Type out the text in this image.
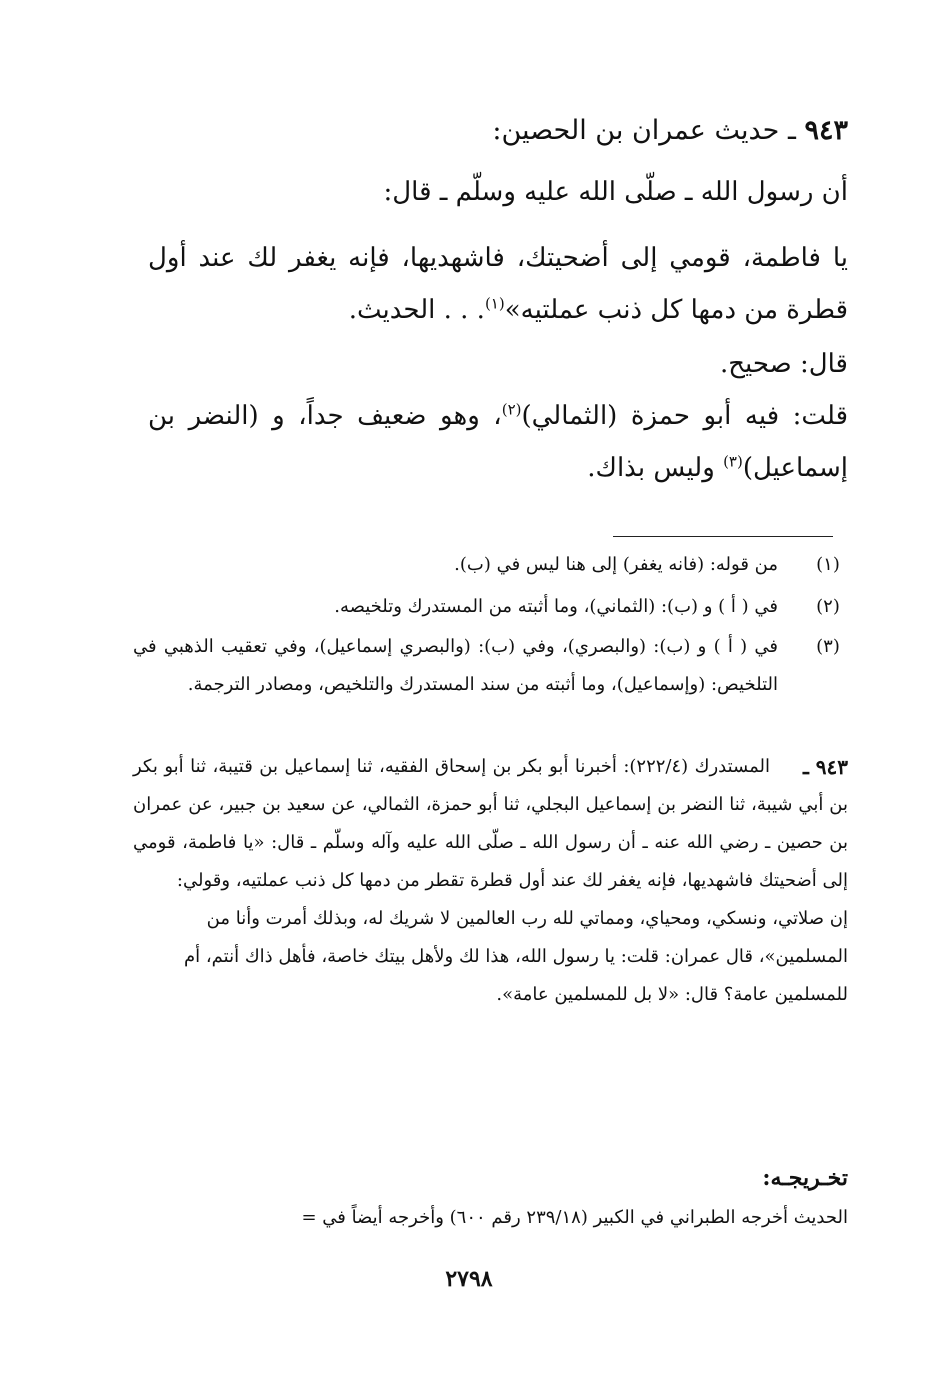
٩٤٣ ـ حديث عمران بن الحصين:
أن رسول الله ـ صلّى الله عليه وسلّم ـ قال:
يا فاطمة، قومي إلى أضحيتك، فاشهديها، فإنه يغفر لك عند أول قطرة من دمها كل ذنب عملتيه»$^{(١)}$. . . الحديث.
قال: صحيح.
قلت: فيه أبو حمزة (الثمالي)$^{(٢)}$، وهو ضعيف جداً، و (النضر بن إسماعيل)$^{(٣)}$ وليس بذاك.
(١)
من قوله: (فانه يغفر) إلى هنا ليس في (ب).
(٢)
في ( أ ) و (ب): (الثماني)، وما أثبته من المستدرك وتلخيصه.
(٣)
في ( أ ) و (ب): (والبصري)، وفي (ب): (والبصري إسماعيل)، وفي تعقيب الذهبي في التلخيص: (وإسماعيل)، وما أثبته من سند المستدرك والتلخيص، ومصادر الترجمة.
٩٤٣ ـ
المستدرك (٢٢٢/٤): أخبرنا أبو بكر بن إسحاق الفقيه، ثنا إسماعيل بن قتيبة، ثنا أبو بكر بن أبي شيبة، ثنا النضر بن إسماعيل البجلي، ثنا أبو حمزة، الثمالي، عن سعيد بن جبير، عن عمران بن حصين ـ رضي الله عنه ـ أن رسول الله ـ صلّى الله عليه وآله وسلّم ـ قال: «يا فاطمة، قومي إلى أضحيتك فاشهديها، فإنه يغفر لك عند أول قطرة تقطر من دمها كل ذنب عملتيه، وقولي:
إن صلاتي، ونسكي، ومحياي، ومماتي لله رب العالمين لا شريك له، وبذلك أمرت وأنا من المسلمين»، قال عمران: قلت: يا رسول الله، هذا لك ولأهل بيتك خاصة، فأهل ذاك أنتم، أم للمسلمين عامة؟ قال: «لا بل للمسلمين عامة».
تخـريجـه:
الحديث أخرجه الطبراني في الكبير (٢٣٩/١٨ رقم ٦٠٠) وأخرجه أيضاً في =
٢٧٩٨
